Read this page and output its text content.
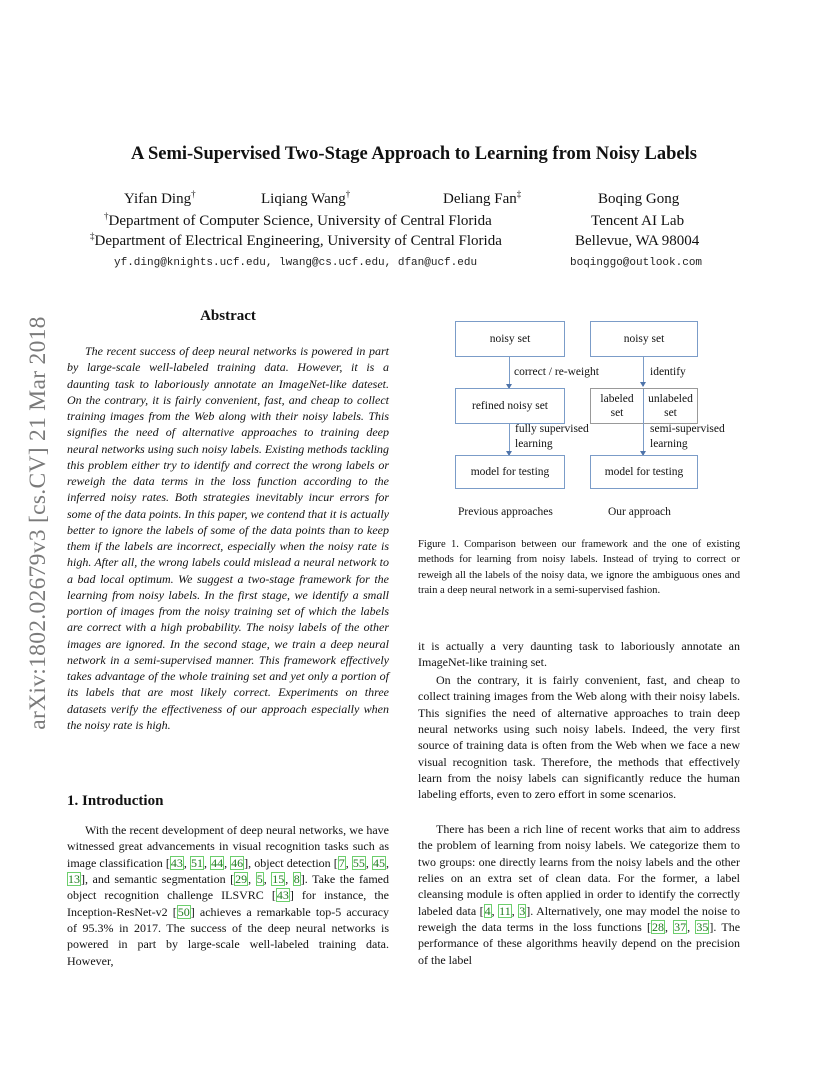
A Semi-Supervised Two-Stage Approach to Learning from Noisy Labels
Yifan Ding†	Liqiang Wang†	Deliang Fan‡	Boqing Gong
†Department of Computer Science, University of Central Florida
‡Department of Electrical Engineering, University of Central Florida
Tencent AI Lab
Bellevue, WA 98004
yf.ding@knights.ucf.edu, lwang@cs.ucf.edu, dfan@ucf.edu	boqinggo@outlook.com
arXiv:1802.02679v3 [cs.CV] 21 Mar 2018
Abstract
The recent success of deep neural networks is powered in part by large-scale well-labeled training data. However, it is a daunting task to laboriously annotate an ImageNet-like dateset. On the contrary, it is fairly convenient, fast, and cheap to collect training images from the Web along with their noisy labels. This signifies the need of alternative approaches to training deep neural networks using such noisy labels. Existing methods tackling this problem either try to identify and correct the wrong labels or reweigh the data terms in the loss function according to the inferred noisy rates. Both strategies inevitably incur errors for some of the data points. In this paper, we contend that it is actually better to ignore the labels of some of the data points than to keep them if the labels are incorrect, especially when the noisy rate is high. After all, the wrong labels could mislead a neural network to a bad local optimum. We suggest a two-stage framework for the learning from noisy labels. In the first stage, we identify a small portion of images from the noisy training set of which the labels are correct with a high probability. The noisy labels of the other images are ignored. In the second stage, we train a deep neural network in a semi-supervised manner. This framework effectively takes advantage of the whole training set and yet only a portion of its labels that are most likely correct. Experiments on three datasets verify the effectiveness of our approach especially when the noisy rate is high.
1. Introduction
With the recent development of deep neural networks, we have witnessed great advancements in visual recognition tasks such as image classification [43, 51, 44, 46], object detection [7, 55, 45, 13], and semantic segmentation [29, 5, 15, 8]. Take the famed object recognition challenge ILSVRC [43] for instance, the Inception-ResNet-v2 [50] achieves a remarkable top-5 accuracy of 95.3% in 2017. The success of the deep neural networks is powered in part by large-scale well-labeled training data. However,
noisy set
correct / re-weight
refined noisy set
fully supervised
learning
model for testing
Previous approaches
noisy set
identify
labeled
set
unlabeled
set
semi-supervised
learning
model for testing
Our approach
Figure 1. Comparison between our framework and the one of existing methods for learning from noisy labels. Instead of trying to correct or reweigh all the labels of the noisy data, we ignore the ambiguous ones and train a deep neural network in a semi-supervised fashion.
it is actually a very daunting task to laboriously annotate an ImageNet-like training set.
On the contrary, it is fairly convenient, fast, and cheap to collect training images from the Web along with their noisy labels. This signifies the need of alternative approaches to train deep neural networks using such noisy labels. Indeed, the very first source of training data is often from the Web when we face a new visual recognition task. Therefore, the methods that effectively learn from the noisy labels can significantly reduce the human labeling efforts, even to zero effort in some scenarios.
There has been a rich line of recent works that aim to address the problem of learning from noisy labels. We categorize them to two groups: one directly learns from the noisy labels and the other relies on an extra set of clean data. For the former, a label cleansing module is often applied in order to identify the correctly labeled data [4, 11, 3]. Alternatively, one may model the noise to reweigh the data terms in the loss functions [28, 37, 35]. The performance of these algorithms heavily depend on the precision of the label
